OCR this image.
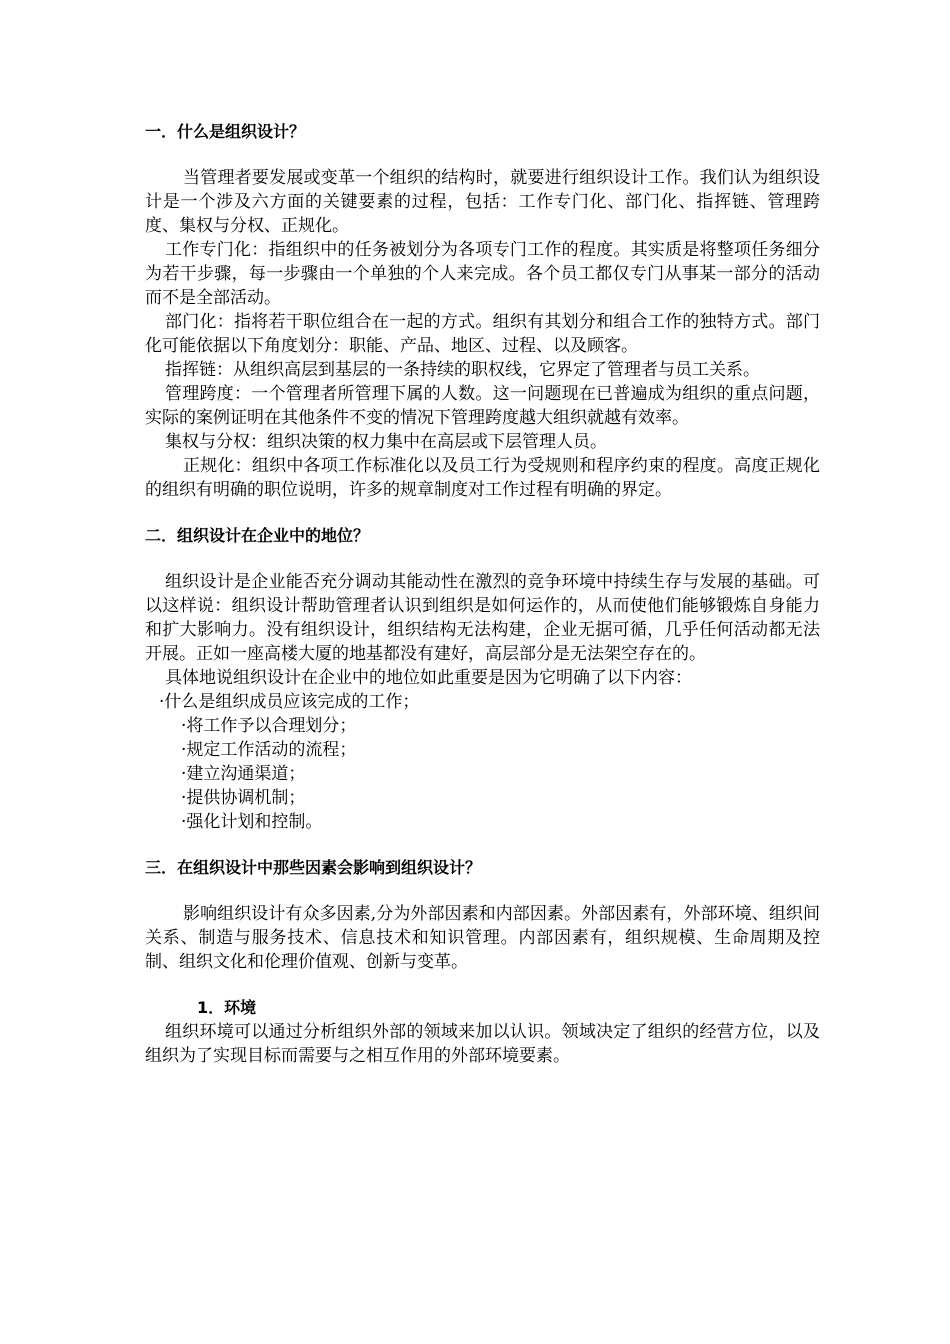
一．什么是组织设计？

当管理者要发展或变革一个组织的结构时，就要进行组织设计工作。我们认为组织设计是一个涉及六方面的关键要素的过程，包括：工作专门化、部门化、指挥链、管理跨度、集权与分权、正规化。

工作专门化：指组织中的任务被划分为各项专门工作的程度。其实质是将整项任务细分为若干步骤，每一步骤由一个单独的个人来完成。各个员工都仅专门从事某一部分的活动而不是全部活动。

部门化：指将若干职位组合在一起的方式。组织有其划分和组合工作的独特方式。部门化可能依据以下角度划分：职能、产品、地区、过程、以及顾客。

指挥链：从组织高层到基层的一条持续的职权线，它界定了管理者与员工关系。

管理跨度：一个管理者所管理下属的人数。这一问题现在已普遍成为组织的重点问题，实际的案例证明在其他条件不变的情况下管理跨度越大组织就越有效率。

集权与分权：组织决策的权力集中在高层或下层管理人员。

正规化：组织中各项工作标准化以及员工行为受规则和程序约束的程度。高度正规化的组织有明确的职位说明，许多的规章制度对工作过程有明确的界定。

二．组织设计在企业中的地位？

组织设计是企业能否充分调动其能动性在激烈的竞争环境中持续生存与发展的基础。可以这样说：组织设计帮助管理者认识到组织是如何运作的，从而使他们能够锻炼自身能力和扩大影响力。没有组织设计，组织结构无法构建，企业无据可循，几乎任何活动都无法开展。正如一座高楼大厦的地基都没有建好，高层部分是无法架空存在的。

具体地说组织设计在企业中的地位如此重要是因为它明确了以下内容：

·什么是组织成员应该完成的工作；
·将工作予以合理划分；
·规定工作活动的流程；
·建立沟通渠道；
·提供协调机制；
·强化计划和控制。
三．在组织设计中那些因素会影响到组织设计？

影响组织设计有众多因素,分为外部因素和内部因素。外部因素有，外部环境、组织间关系、制造与服务技术、信息技术和知识管理。内部因素有，组织规模、生命周期及控制、组织文化和伦理价值观、创新与变革。

1．环境

组织环境可以通过分析组织外部的领域来加以认识。领域决定了组织的经营方位，以及组织为了实现目标而需要与之相互作用的外部环境要素。
